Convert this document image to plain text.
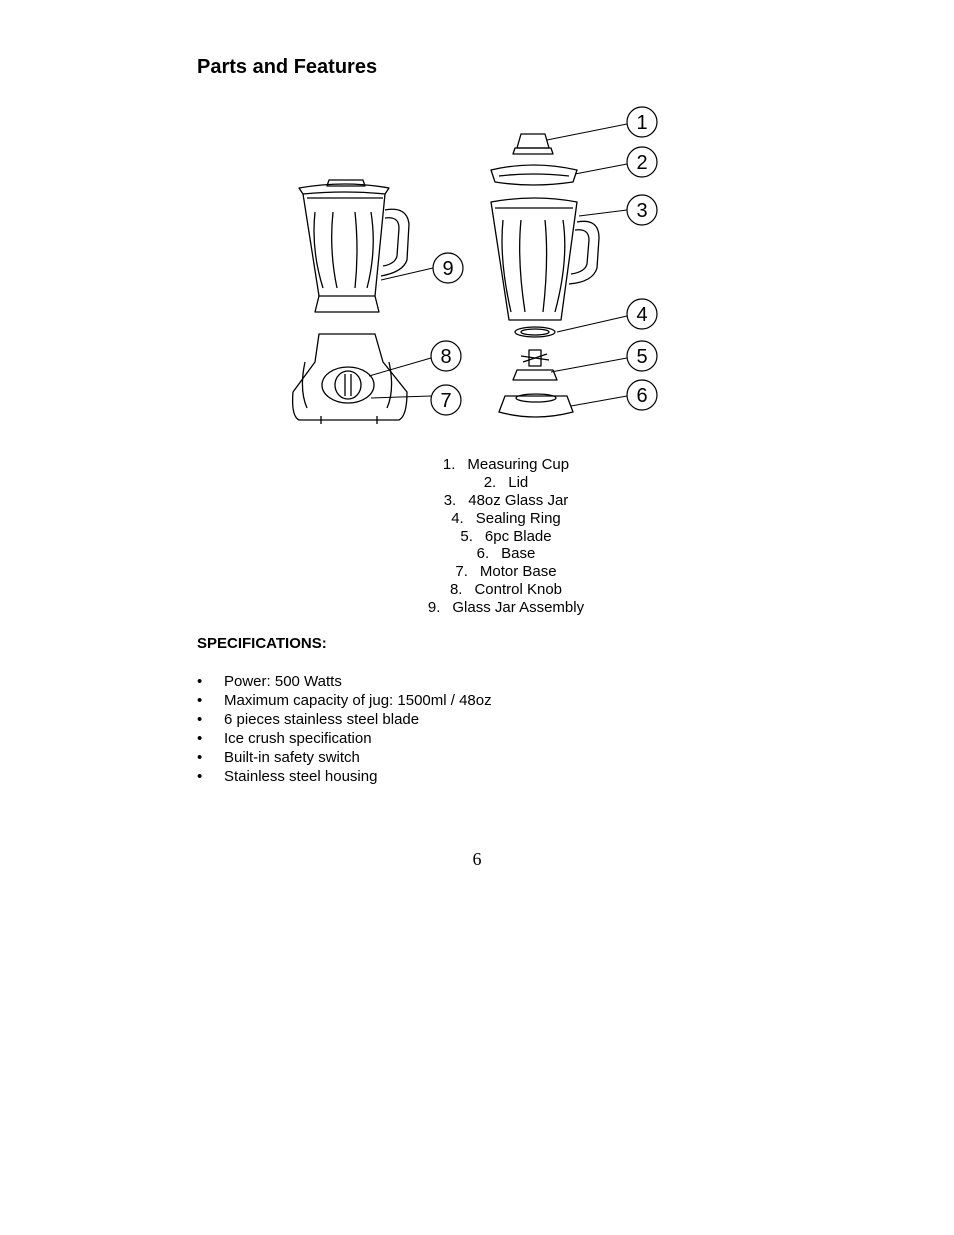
Parts and Features
1
2
3
4
5
6
7
8
9
1. Measuring Cup
2. Lid
3. 48oz Glass Jar
4. Sealing Ring
5. 6pc Blade
6. Base
7. Motor Base
8. Control Knob
9. Glass Jar Assembly
SPECIFICATIONS:
• Power: 500 Watts
• Maximum capacity of jug: 1500ml / 48oz
• 6 pieces stainless steel blade
• Ice crush specification
• Built-in safety switch
• Stainless steel housing
6
